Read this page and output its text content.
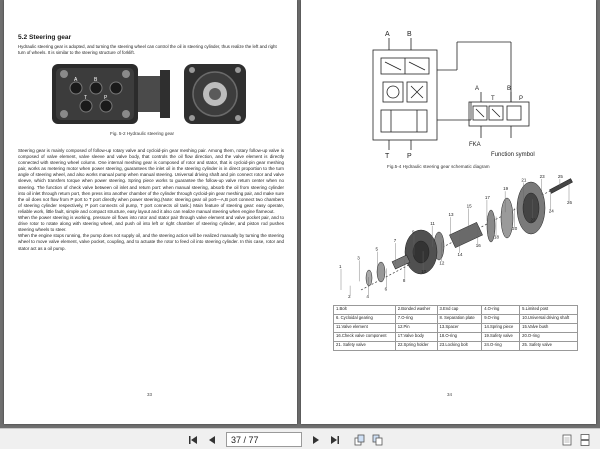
5.2 Steering gear
Hydraulic steering gear is adopted, and turning the steering wheel can control the oil in steering cylinder, thus realize the left and right turn of wheels. It is similar to the steering structure of forklift.
A	B
T	P
Fig. 5-2 Hydraulic steering gear

Steering gear is mainly composed of follow-up rotary valve and cycloid-pin gear meshing pair. Among them, rotary follow-up valve is composed of valve element, valve sleeve and valve body, that controls the oil flow direction, and the valve element is directly connected with steering wheel column. One internal meshing gear is composed of rotor and stator, that is cycloid-pin gear meshing pair, works as metering motor when power steering, guarantees the inlet oil in the steering cylinder is in direct proportion to the turn angle of steering wheel, and also works manual pump when manual steering. Universal driving shaft and pin connect rotor and valve sleeve, which transfers torque when power steering. Spring piece works to guarantee the follow-up valve return center when no steering. The function of check valve between oil inlet and return port: when manual steering, absorb the oil from steering cylinder into oil inlet through return port, then press into another chamber of the cylinder through cycloid-pin gear meshing pair, and make sure the oil does not flow from P port to T port directly when power steering.(Note: steering gear oil port—A,B port connect two chambers of steering cylinder respectively, P port connects oil pump, T port connects oil tank.) Main feature of steering gear: easy operate, reliable work, little fault, simple and compact structure, easy layout and it also can realize manual steering when engine flameout.

When the power steering is working, pressure oil flows into rotor and stator pair through valve element and valve pocket pair, and to drive rotor to rotate along with steering wheel, and push oil into left or right chamber of steering cylinder, and piston rod pushes steering wheels to steer.

When the engine stops running, the pump does not supply oil, and the steering action will be realized manually by turning the steering wheel to move valve element, valve pocket, coupling, and to actuate the rotor to feed oil into steering cylinder. In this case, rotor and stator act as a oil pump.

33
A B
T	P
A	B
T	P
FKA
Function symbol
Fig.5-4 Hydraulic steering gear schematic diagram
1
2
3
4
5
6
7
8
9
10
11
12
13
14
15
16
17
18
19
20
21
22
23
24
25
26
1.Bolt	2.Bonded washer	3.End cap	4.O-ring	5.Limited post
6. Cycloidal gearing	7.O-ring	8. Separation plate	9.O-ring	10.Universal driving shaft
11.Valve element	12.Pin	13.Spacer	14.Spring piece	15.Valve bush
16.Check valve component	17.Valve body	18.O-ring	19.Safety valve	20.O-ring
21. Safety valve	22.Spring holder	23.Locking bolt	24.O-ring	25. Safety valve
34
37 / 77
